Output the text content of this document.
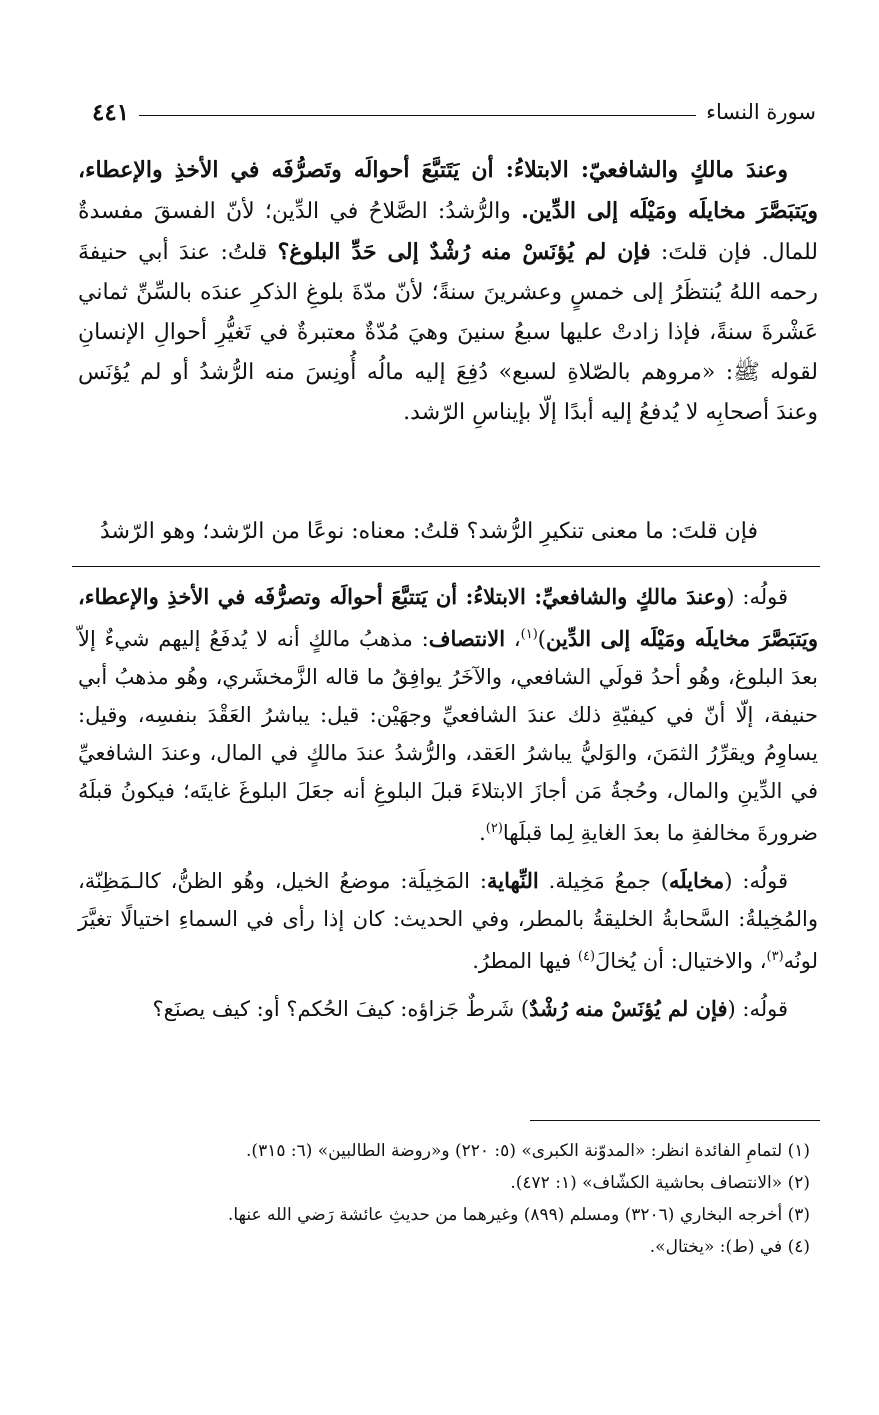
سورة النساء
٤٤١

وعندَ مالكٍ والشافعيّ: الابتلاءُ: أن يَتَتبَّعَ أحوالَه وتَصرُّفَه في الأخذِ والإعطاء، ويَتبَصَّرَ مخايلَه ومَيْلَه إلى الدِّين. والرُّشدُ: الصَّلاحُ في الدِّين؛ لأنّ الفسقَ مفسدةٌ للمال. فإن قلتَ: فإن لم يُؤنَسْ منه رُشْدٌ إلى حَدِّ البلوغ؟ قلتُ: عندَ أبي حنيفةَ رحمه اللهُ يُنتظَرُ إلى خمسٍ وعشرينَ سنةً؛ لأنّ مدّةَ بلوغِ الذكرِ عندَه بالسِّنِّ ثماني عَشْرةَ سنةً، فإذا زادتْ عليها سبعُ سنينَ وهيَ مُدّةٌ معتبرةٌ في تَغيُّرِ أحوالِ الإنسانِ لقوله ﷺ: «مروهم بالصّلاةِ لسبع» دُفِعَ إليه مالُه أُونِسَ منه الرُّشدُ أو لم يُؤنَس وعندَ أصحابِه لا يُدفعُ إليه أبدًا إلّا بإيناسِ الرّشد.

فإن قلتَ: ما معنى تنكيرِ الرُّشد؟ قلتُ: معناه: نوعًا من الرّشد؛ وهو الرّشدُ

قولُه: (وعندَ مالكٍ والشافعيِّ: الابتلاءُ: أن يَتتبَّعَ أحوالَه وتصرُّفَه في الأخذِ والإعطاء، ويَتبَصَّرَ مخايلَه ومَيْلَه إلى الدِّين)$^{(١)}$، الانتصاف: مذهبُ مالكٍ أنه لا يُدفَعُ إليهم شيءٌ إلاّ بعدَ البلوغ، وهُو أحدُ قولَي الشافعي، والآخَرُ يوافِقُ ما قاله الزَّمخشَري، وهُو مذهبُ أبي حنيفة، إلّا أنّ في كيفيّةِ ذلك عندَ الشافعيِّ وجهَيْن: قيل: يباشرُ العَقْدَ بنفسِه، وقيل: يساوِمُ ويقرِّرُ الثمَنَ، والوَليُّ يباشرُ العَقد، والرُّشدُ عندَ مالكٍ في المال، وعندَ الشافعيِّ في الدِّينِ والمال، وحُجةُ مَن أجازَ الابتلاءَ قبلَ البلوغِ أنه جعَلَ البلوغَ غايتَه؛ فيكونُ قبلَهُ ضرورةَ مخالفةِ ما بعدَ الغايةِ لِما قبلَها$^{(٢)}$.

قولُه: (مخايلَه) جمعُ مَخِيلة. النِّهاية: المَخِيلَة: موضعُ الخيل، وهُو الظنُّ، كالـمَظِنّة، والمُخِيلةُ: السَّحابةُ الخليقةُ بالمطر، وفي الحديث: كان إذا رأى في السماءِ اختيالًا تغيَّرَ لونُه$^{(٣)}$، والاختيال: أن يُخالَ$^{(٤)}$ فيها المطرُ.

قولُه: (فإن لم يُؤنَسْ منه رُشْدٌ) شَرطٌ جَزاؤه: كيفَ الحُكم؟ أو: كيف يصنَع؟

(١) لتمامِ الفائدة انظر: «المدوّنة الكبرى» (٥: ٢٢٠) و«روضة الطالبين» (٦: ٣١٥).
(٢) «الانتصاف بحاشية الكشّاف» (١: ٤٧٢).
(٣) أخرجه البخاري (٣٢٠٦) ومسلم (٨٩٩) وغيرهما من حديثِ عائشة رَضي الله عنها.
(٤) في (ط): «يختال».
